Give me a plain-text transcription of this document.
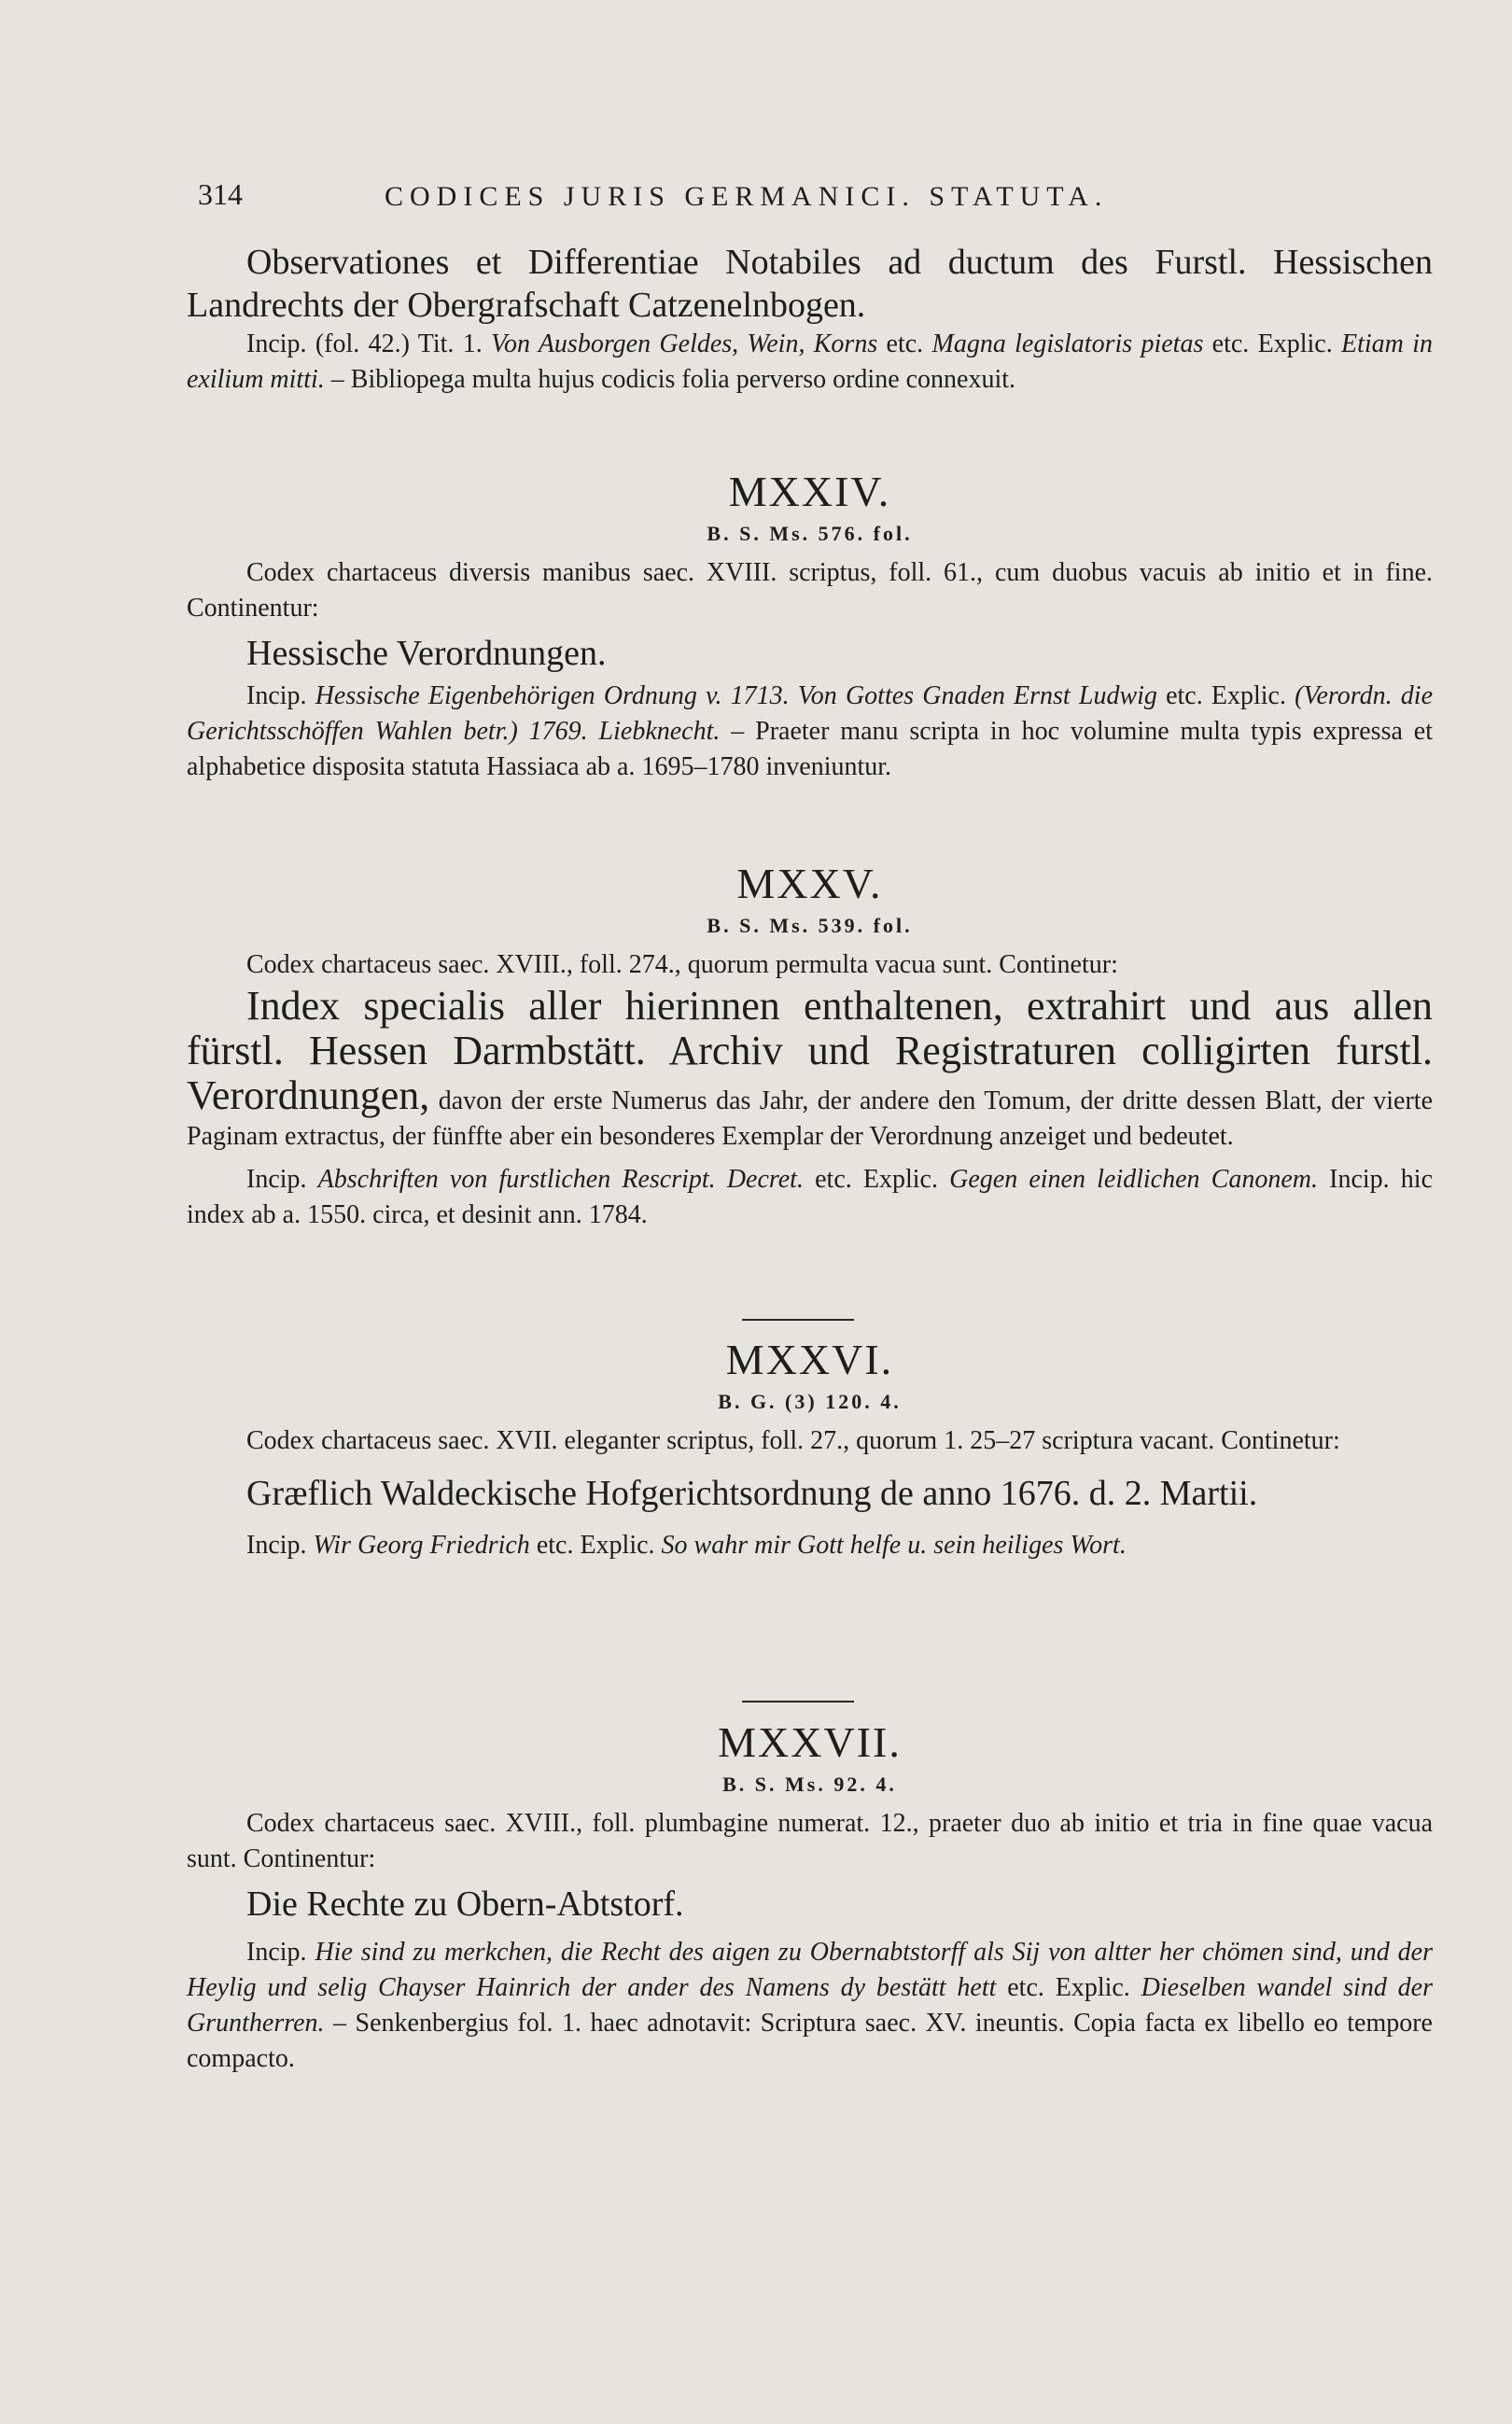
314	CODICES JURIS GERMANICI. STATUTA.
Observationes et Differentiae Notabiles ad ductum des Furstl. Hessischen Landrechts der Obergrafschaft Catzenelnbogen.
Incip. (fol. 42.) Tit. 1. Von Ausborgen Geldes, Wein, Korns etc. Magna legislatoris pietas etc. Explic. Etiam in exilium mitti. – Bibliopega multa hujus codicis folia perverso ordine connexuit.
MXXIV.
B. S. Ms. 576. fol.
Codex chartaceus diversis manibus saec. XVIII. scriptus, foll. 61., cum duobus vacuis ab initio et in fine. Continentur:
Hessische Verordnungen.
Incip. Hessische Eigenbehörigen Ordnung v. 1713. Von Gottes Gnaden Ernst Ludwig etc. Explic. (Verordn. die Gerichtsschöffen Wahlen betr.) 1769. Liebknecht. – Praeter manu scripta in hoc volumine multa typis expressa et alphabetice disposita statuta Hassiaca ab a. 1695–1780 inveniuntur.
MXXV.
B. S. Ms. 539. fol.
Codex chartaceus saec. XVIII., foll. 274., quorum permulta vacua sunt. Continetur:
Index specialis aller hierinnen enthaltenen, extrahirt und aus allen fürstl. Hessen Darmbstätt. Archiv und Registraturen colligirten furstl. Verordnungen, davon der erste Numerus das Jahr, der andere den Tomum, der dritte dessen Blatt, der vierte Paginam extractus, der fünffte aber ein besonderes Exemplar der Verordnung anzeiget und bedeutet.
Incip. Abschriften von furstlichen Rescript. Decret. etc. Explic. Gegen einen leidlichen Canonem. Incip. hic index ab a. 1550. circa, et desinit ann. 1784.
MXXVI.
B. G. (3) 120. 4.
Codex chartaceus saec. XVII. eleganter scriptus, foll. 27., quorum 1. 25–27 scriptura vacant. Continetur:
Græflich Waldeckische Hofgerichtsordnung de anno 1676. d. 2. Martii.
Incip. Wir Georg Friedrich etc. Explic. So wahr mir Gott helfe u. sein heiliges Wort.
MXXVII.
B. S. Ms. 92. 4.
Codex chartaceus saec. XVIII., foll. plumbagine numerat. 12., praeter duo ab initio et tria in fine quae vacua sunt. Continentur:
Die Rechte zu Obern-Abtstorf.
Incip. Hie sind zu merkchen, die Recht des aigen zu Obernabtstorff als Sij von altter her chömen sind, und der Heylig und selig Chayser Hainrich der ander des Namens dy bestätt hett etc. Explic. Dieselben wandel sind der Gruntherren. – Senkenbergius fol. 1. haec adnotavit: Scriptura saec. XV. ineuntis. Copia facta ex libello eo tempore compacto.
